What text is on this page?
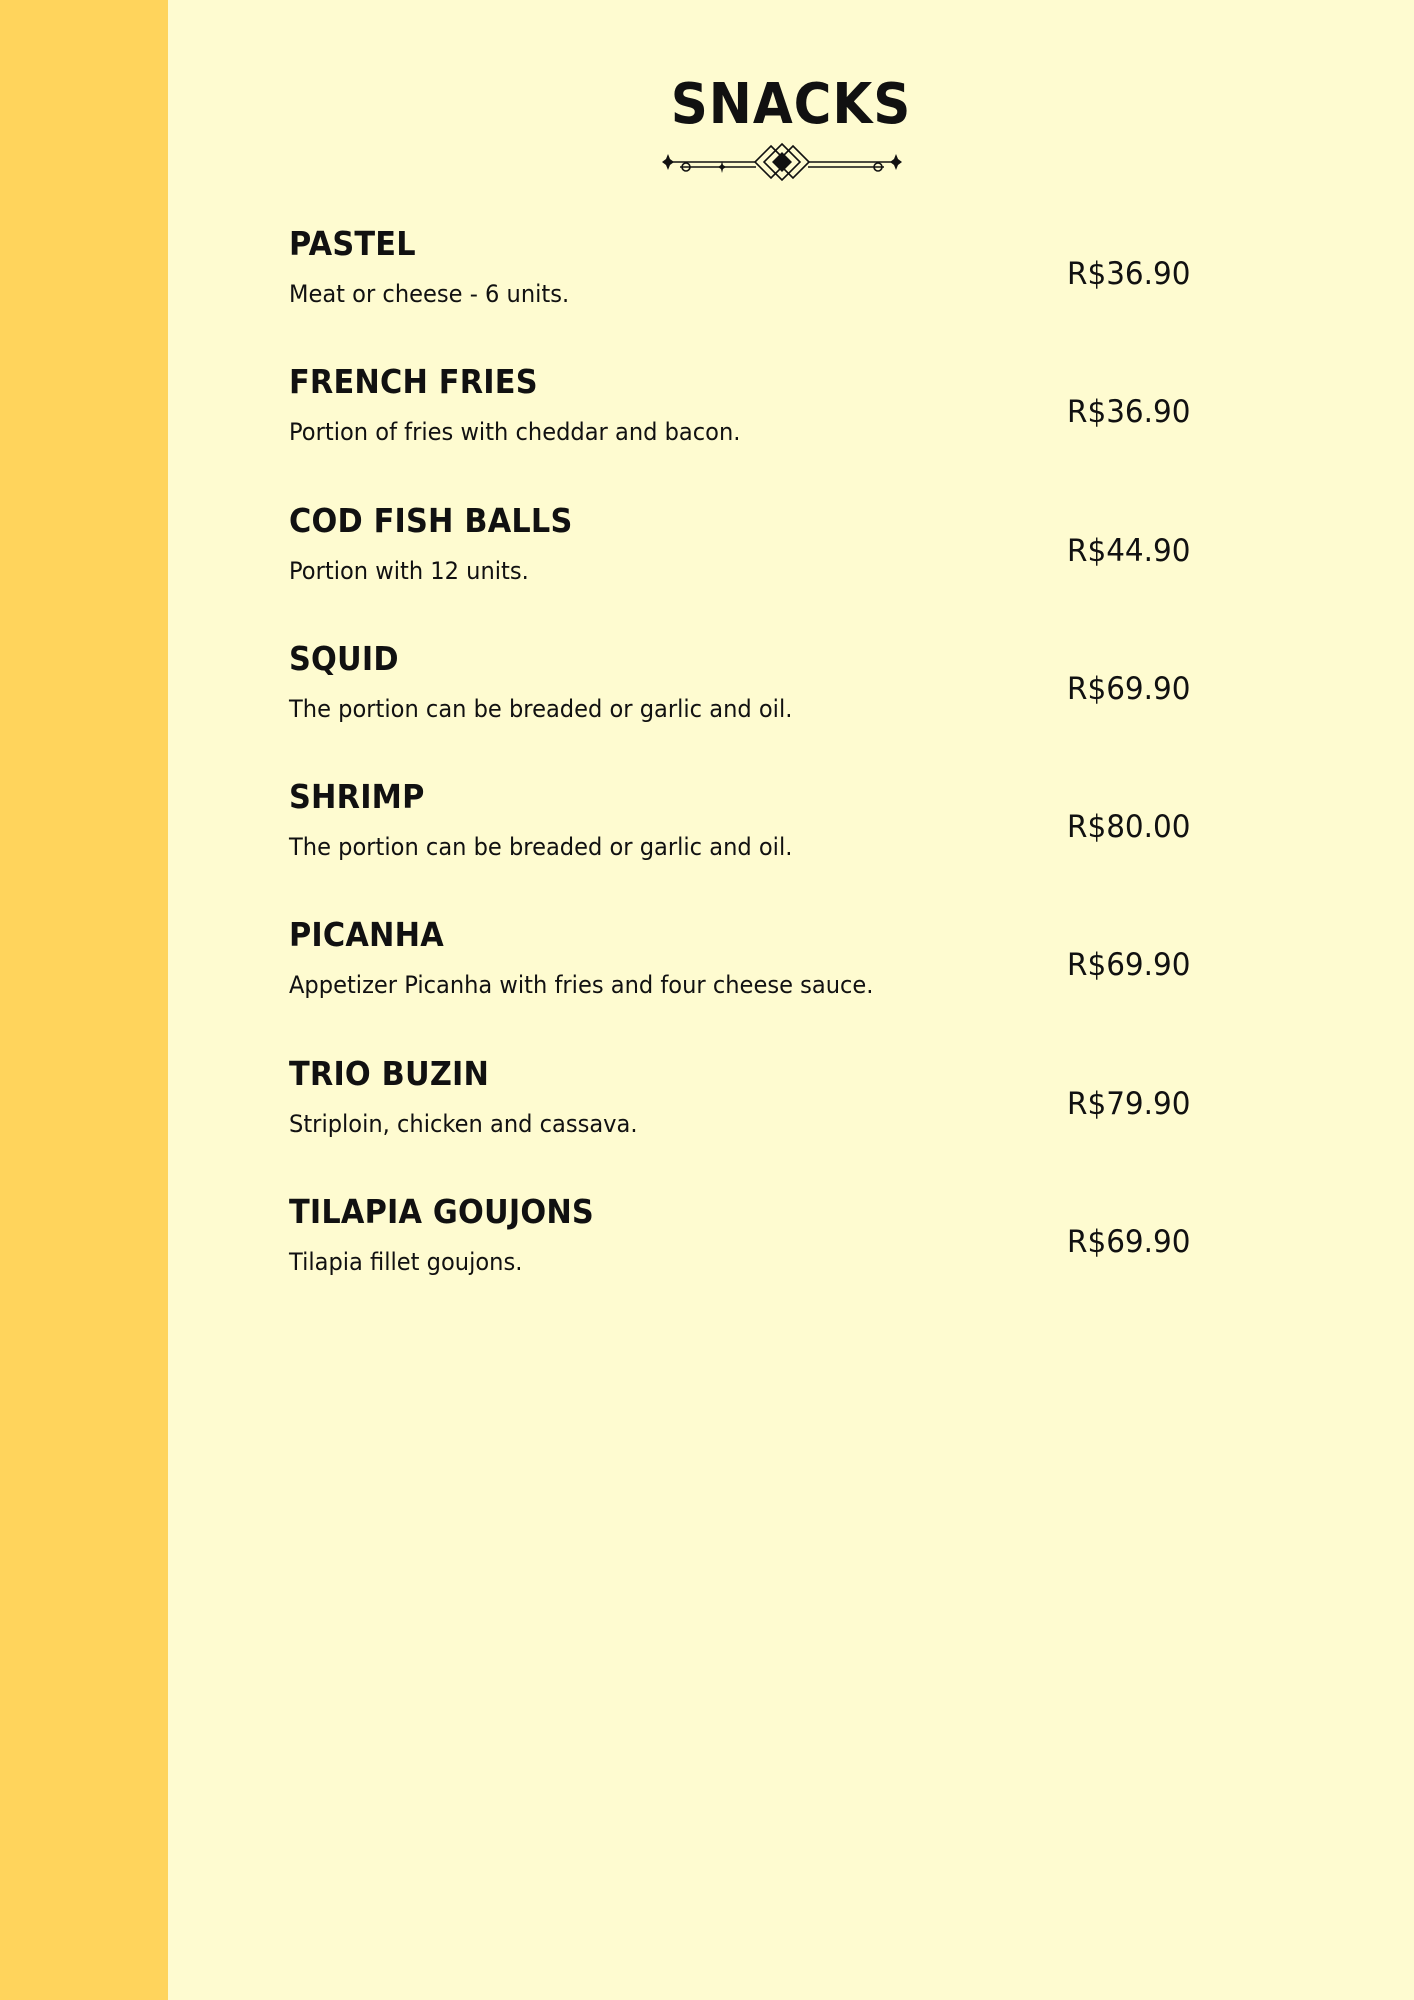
SNACKS
PASTEL

Meat or cheese - 6 units.

R$36.90

FRENCH FRIES

Portion of fries with cheddar and bacon.

R$36.90

COD FISH BALLS

Portion with 12 units.

R$44.90

SQUID

The portion can be breaded or garlic and oil.

R$69.90

SHRIMP

The portion can be breaded or garlic and oil.

R$80.00

PICANHA

Appetizer Picanha with fries and four cheese sauce.

R$69.90

TRIO BUZIN

Striploin, chicken and cassava.

R$79.90

TILAPIA GOUJONS

Tilapia fillet goujons.

R$69.90
